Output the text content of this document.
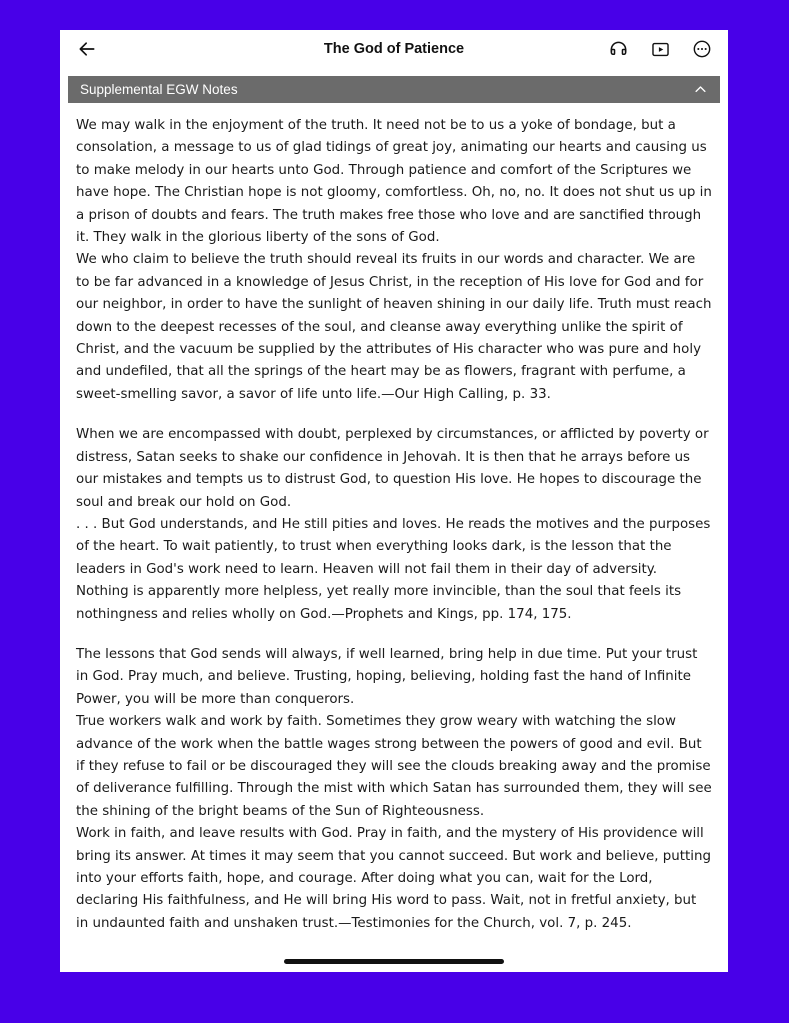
The God of Patience
Supplemental EGW Notes

We may walk in the enjoyment of the truth. It need not be to us a yoke of bondage, but a consolation, a message to us of glad tidings of great joy, animating our hearts and causing us to make melody in our hearts unto God. Through patience and comfort of the Scriptures we have hope. The Christian hope is not gloomy, comfortless. Oh, no, no. It does not shut us up in a prison of doubts and fears. The truth makes free those who love and are sanctified through it. They walk in the glorious liberty of the sons of God.

We who claim to believe the truth should reveal its fruits in our words and character. We are to be far advanced in a knowledge of Jesus Christ, in the reception of His love for God and for our neighbor, in order to have the sunlight of heaven shining in our daily life. Truth must reach down to the deepest recesses of the soul, and cleanse away everything unlike the spirit of Christ, and the vacuum be supplied by the attributes of His character who was pure and holy and undefiled, that all the springs of the heart may be as flowers, fragrant with perfume, a sweet-smelling savor, a savor of life unto life.—Our High Calling, p. 33.

When we are encompassed with doubt, perplexed by circumstances, or afflicted by poverty or distress, Satan seeks to shake our confidence in Jehovah. It is then that he arrays before us our mistakes and tempts us to distrust God, to question His love. He hopes to discourage the soul and break our hold on God.

. . . But God understands, and He still pities and loves. He reads the motives and the purposes of the heart. To wait patiently, to trust when everything looks dark, is the lesson that the leaders in God's work need to learn. Heaven will not fail them in their day of adversity. Nothing is apparently more helpless, yet really more invincible, than the soul that feels its nothingness and relies wholly on God.—Prophets and Kings, pp. 174, 175.

The lessons that God sends will always, if well learned, bring help in due time. Put your trust in God. Pray much, and believe. Trusting, hoping, believing, holding fast the hand of Infinite Power, you will be more than conquerors.

True workers walk and work by faith. Sometimes they grow weary with watching the slow advance of the work when the battle wages strong between the powers of good and evil. But if they refuse to fail or be discouraged they will see the clouds breaking away and the promise of deliverance fulfilling. Through the mist with which Satan has surrounded them, they will see the shining of the bright beams of the Sun of Righteousness.

Work in faith, and leave results with God. Pray in faith, and the mystery of His providence will bring its answer. At times it may seem that you cannot succeed. But work and believe, putting into your efforts faith, hope, and courage. After doing what you can, wait for the Lord, declaring His faithfulness, and He will bring His word to pass. Wait, not in fretful anxiety, but in undaunted faith and unshaken trust.—Testimonies for the Church, vol. 7, p. 245.
